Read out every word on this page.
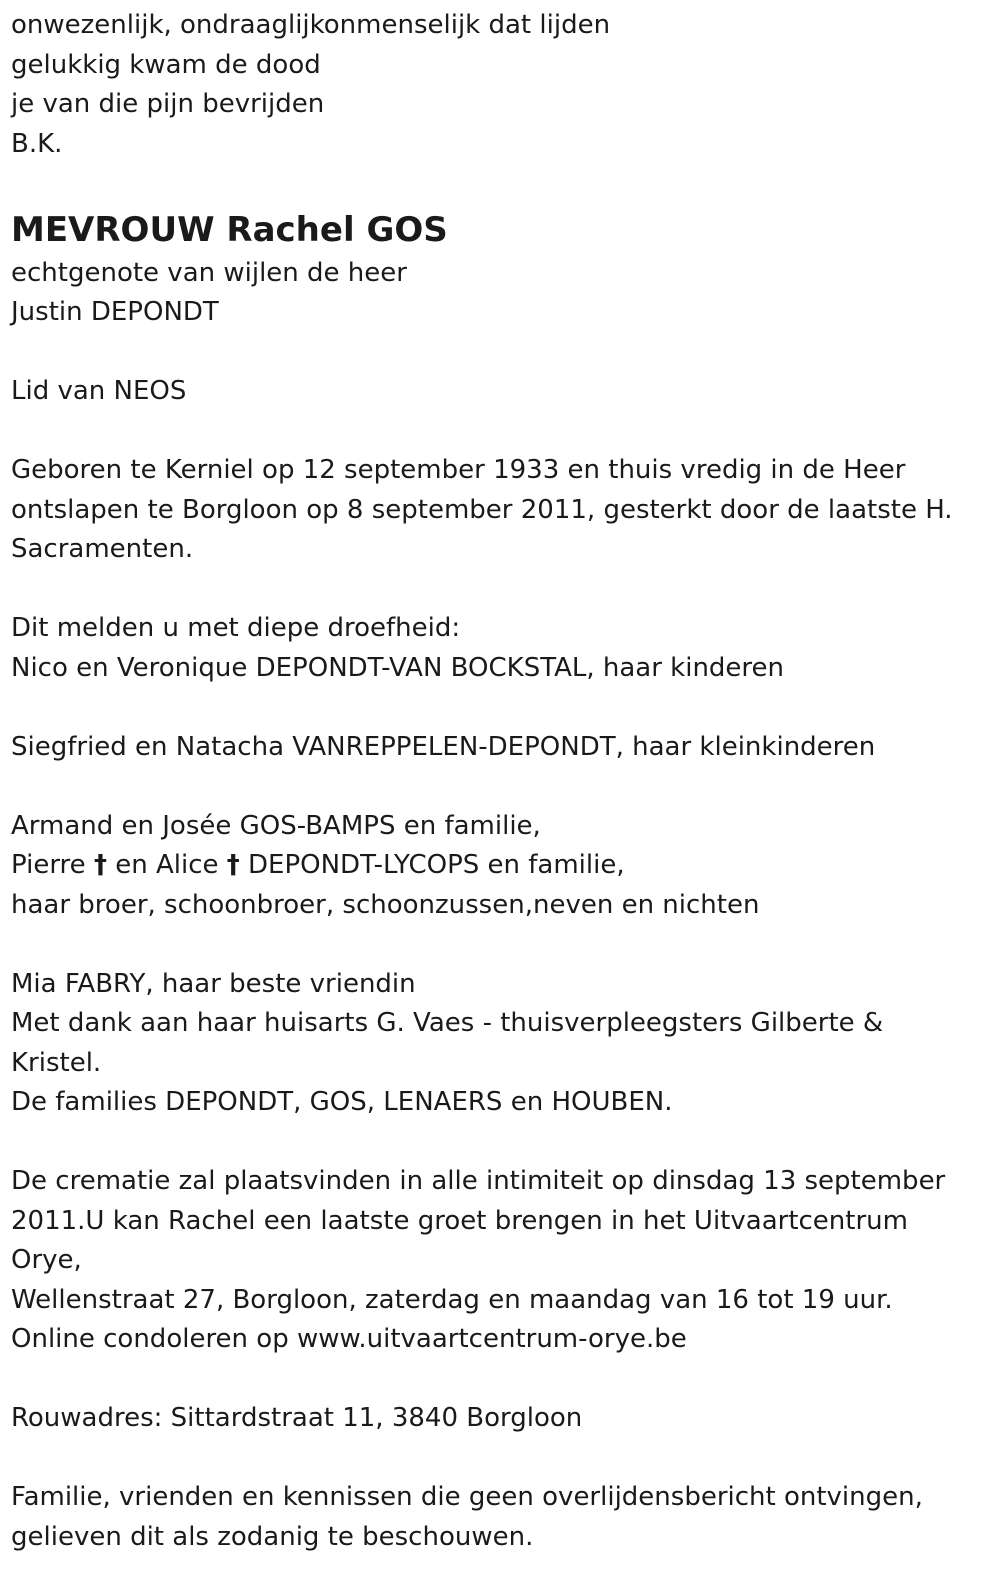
onwezenlijk, ondraaglijkonmenselijk dat lijden

gelukkig kwam de dood

je van die pijn bevrijden

B.K.

MEVROUW Rachel GOS

echtgenote van wijlen de heer

Justin DEPONDT

Lid van NEOS

Geboren te Kerniel op 12 september 1933 en thuis vredig in de Heer

ontslapen te Borgloon op 8 september 2011, gesterkt door de laatste H.

Sacramenten.

Dit melden u met diepe droefheid:

Nico en Veronique DEPONDT-VAN BOCKSTAL, haar kinderen

Siegfried en Natacha VANREPPELEN-DEPONDT, haar kleinkinderen

Armand en Josée GOS-BAMPS en familie,

Pierre † en Alice † DEPONDT-LYCOPS en familie,

haar broer, schoonbroer, schoonzussen,neven en nichten

Mia FABRY, haar beste vriendin

Met dank aan haar huisarts G. Vaes - thuisverpleegsters Gilberte &

Kristel.

De families DEPONDT, GOS, LENAERS en HOUBEN.

De crematie zal plaatsvinden in alle intimiteit op dinsdag 13 september

2011.U kan Rachel een laatste groet brengen in het Uitvaartcentrum

Orye,

Wellenstraat 27, Borgloon, zaterdag en maandag van 16 tot 19 uur.

Online condoleren op www.uitvaartcentrum-orye.be

Rouwadres: Sittardstraat 11, 3840 Borgloon

Familie, vrienden en kennissen die geen overlijdensbericht ontvingen,

gelieven dit als zodanig te beschouwen.
